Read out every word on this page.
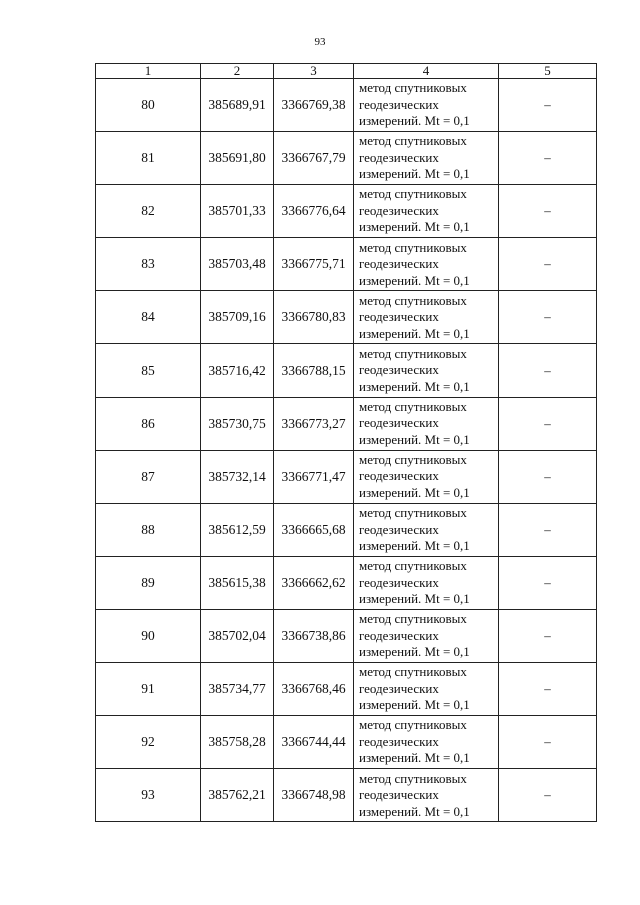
93
1	2	3	4	5
80	385689,91	3366769,38	метод спутниковых
геодезических
измерений. Mt = 0,1	–
81	385691,80	3366767,79	метод спутниковых
геодезических
измерений. Mt = 0,1	–
82	385701,33	3366776,64	метод спутниковых
геодезических
измерений. Mt = 0,1	–
83	385703,48	3366775,71	метод спутниковых
геодезических
измерений. Mt = 0,1	–
84	385709,16	3366780,83	метод спутниковых
геодезических
измерений. Mt = 0,1	–
85	385716,42	3366788,15	метод спутниковых
геодезических
измерений. Mt = 0,1	–
86	385730,75	3366773,27	метод спутниковых
геодезических
измерений. Mt = 0,1	–
87	385732,14	3366771,47	метод спутниковых
геодезических
измерений. Mt = 0,1	–
88	385612,59	3366665,68	метод спутниковых
геодезических
измерений. Mt = 0,1	–
89	385615,38	3366662,62	метод спутниковых
геодезических
измерений. Mt = 0,1	–
90	385702,04	3366738,86	метод спутниковых
геодезических
измерений. Mt = 0,1	–
91	385734,77	3366768,46	метод спутниковых
геодезических
измерений. Mt = 0,1	–
92	385758,28	3366744,44	метод спутниковых
геодезических
измерений. Mt = 0,1	–
93	385762,21	3366748,98	метод спутниковых
геодезических
измерений. Mt = 0,1	–
